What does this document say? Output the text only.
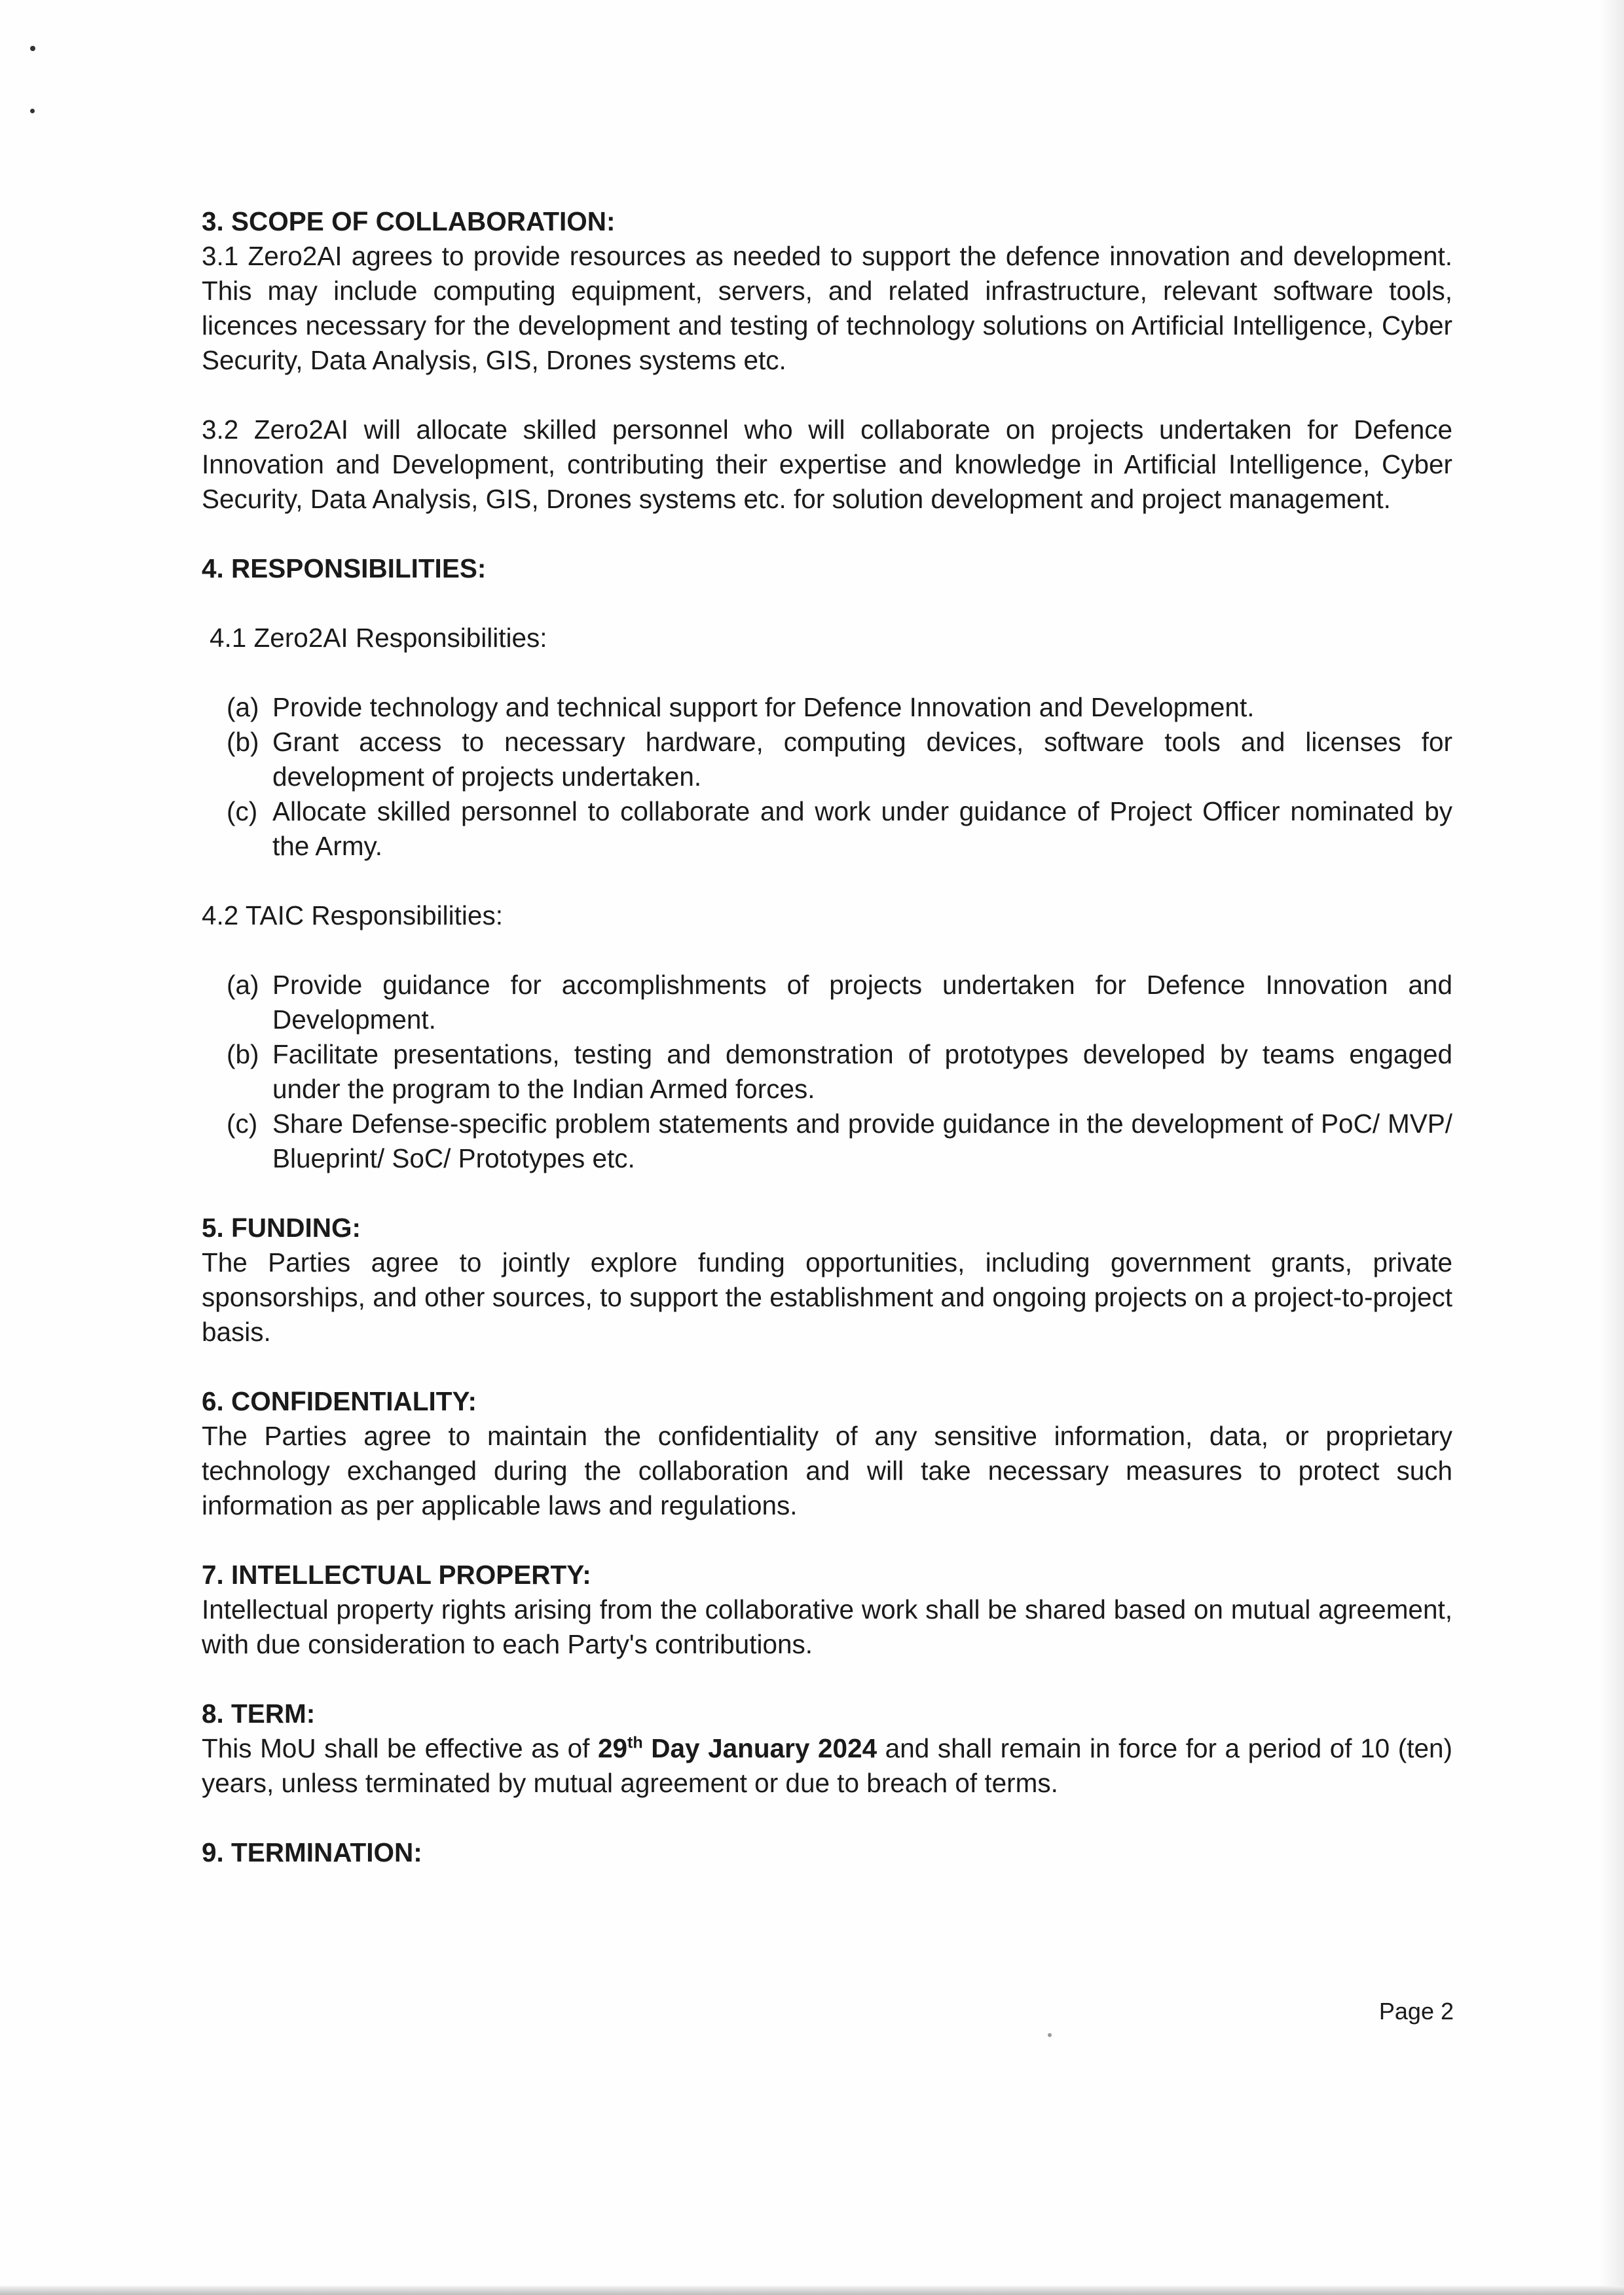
3. SCOPE OF COLLABORATION:

3.1 Zero2AI agrees to provide resources as needed to support the defence innovation and development. This may include computing equipment, servers, and related infrastructure, relevant software tools, licences necessary for the development and testing of technology solutions on Artificial Intelligence, Cyber Security, Data Analysis, GIS, Drones systems etc.

3.2 Zero2AI will allocate skilled personnel who will collaborate on projects undertaken for Defence Innovation and Development, contributing their expertise and knowledge in Artificial Intelligence, Cyber Security, Data Analysis, GIS, Drones systems etc. for solution development and project management.

4. RESPONSIBILITIES:

4.1 Zero2AI Responsibilities:

(a) Provide technology and technical support for Defence Innovation and Development.
(b) Grant access to necessary hardware, computing devices, software tools and licenses for development of projects undertaken.
(c) Allocate skilled personnel to collaborate and work under guidance of Project Officer nominated by the Army.

4.2 TAIC Responsibilities:

(a) Provide guidance for accomplishments of projects undertaken for Defence Innovation and Development.
(b) Facilitate presentations, testing and demonstration of prototypes developed by teams engaged under the program to the Indian Armed forces.
(c) Share Defense-specific problem statements and provide guidance in the development of PoC/ MVP/ Blueprint/ SoC/ Prototypes etc.

5. FUNDING:

The Parties agree to jointly explore funding opportunities, including government grants, private sponsorships, and other sources, to support the establishment and ongoing projects on a project-to-project basis.

6. CONFIDENTIALITY:

The Parties agree to maintain the confidentiality of any sensitive information, data, or proprietary technology exchanged during the collaboration and will take necessary measures to protect such information as per applicable laws and regulations.

7. INTELLECTUAL PROPERTY:

Intellectual property rights arising from the collaborative work shall be shared based on mutual agreement, with due consideration to each Party's contributions.

8. TERM:

This MoU shall be effective as of 29th Day January 2024 and shall remain in force for a period of 10 (ten) years, unless terminated by mutual agreement or due to breach of terms.

9. TERMINATION:

Page 2
